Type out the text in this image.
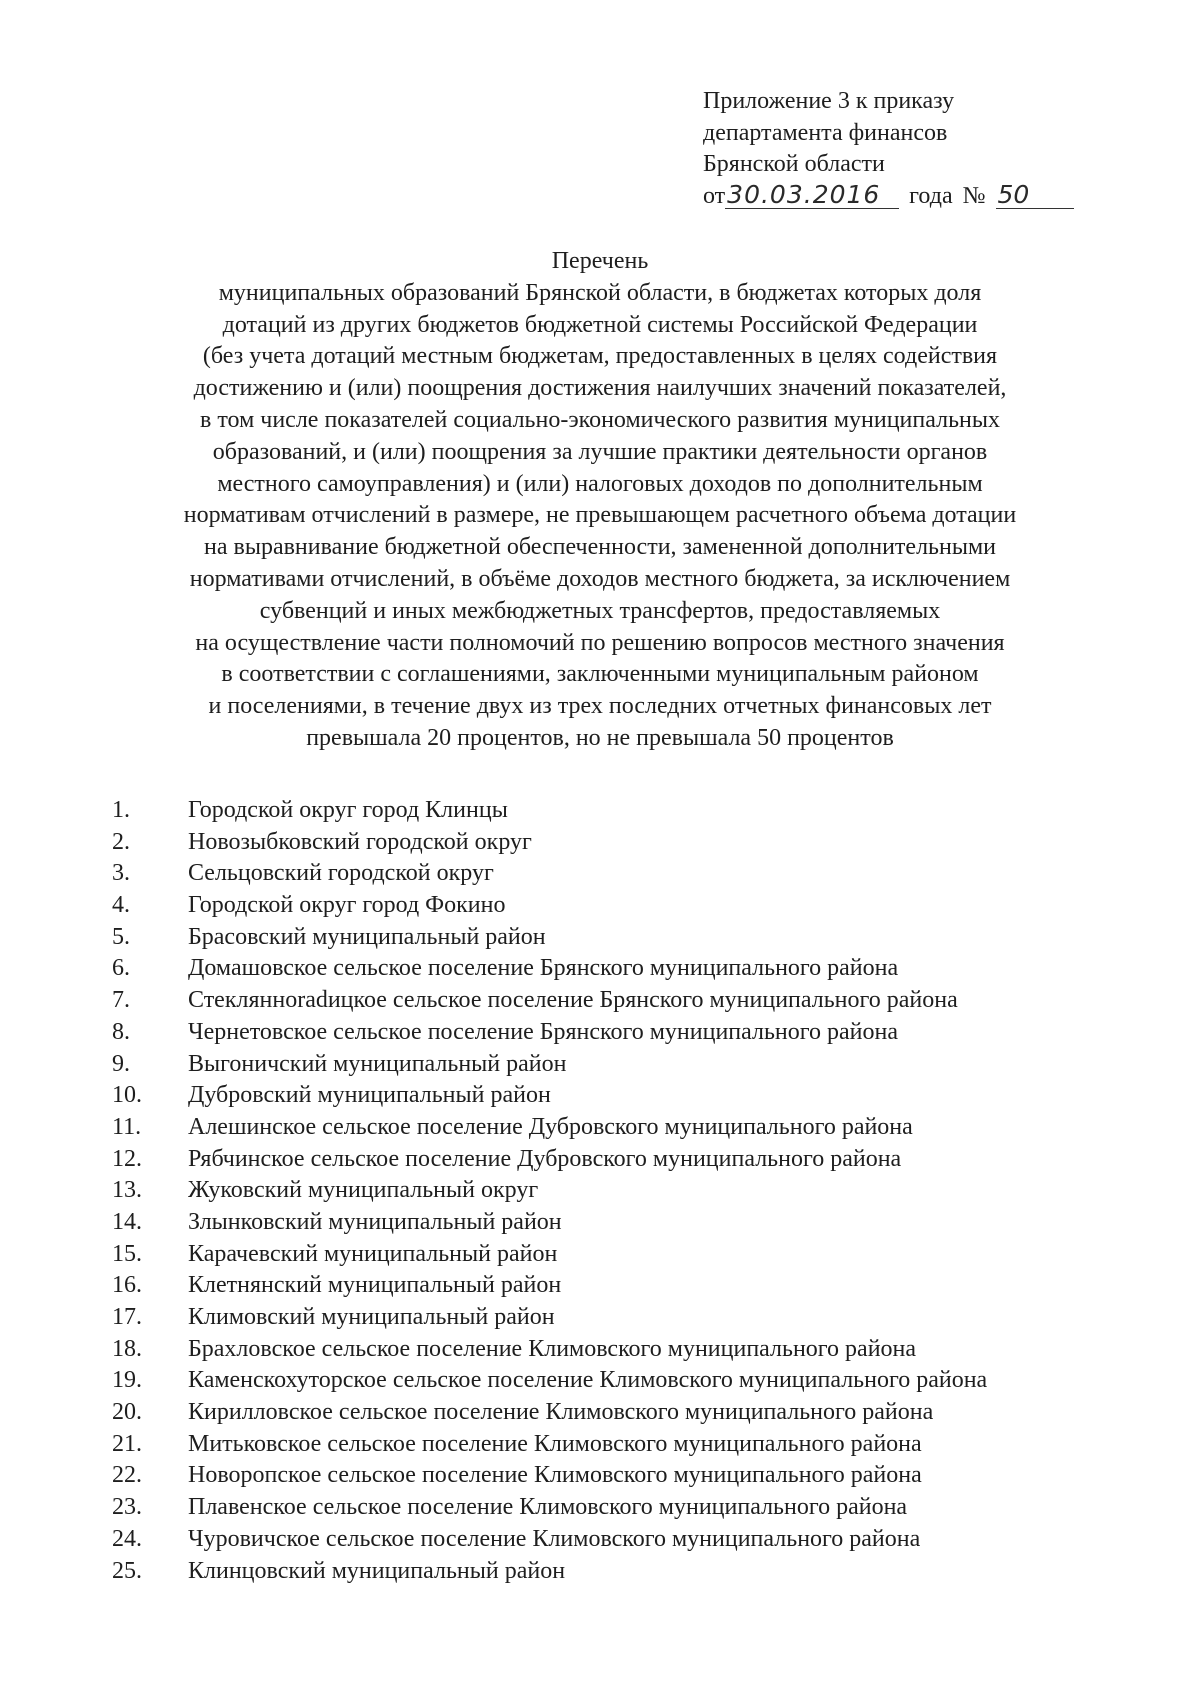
Приложение 3 к приказу
департамента финансов
Брянской области
от 30.03.2016	года № 50
Перечень
муниципальных образований Брянской области, в бюджетах которых доля
дотаций из других бюджетов бюджетной системы Российской Федерации
(без учета дотаций местным бюджетам, предоставленных в целях содействия
достижению и (или) поощрения достижения наилучших значений показателей,
в том числе показателей социально-экономического развития муниципальных
образований, и (или) поощрения за лучшие практики деятельности органов
местного самоуправления) и (или) налоговых доходов по дополнительным
нормативам отчислений в размере, не превышающем расчетного объема дотации
на выравнивание бюджетной обеспеченности, замененной дополнительными
нормативами отчислений, в объёме доходов местного бюджета, за исключением
субвенций и иных межбюджетных трансфертов, предоставляемых
на осуществление части полномочий по решению вопросов местного значения
в соответствии с соглашениями, заключенными муниципальным районом
и поселениями, в течение двух из трех последних отчетных финансовых лет
превышала 20 процентов, но не превышала 50 процентов
1.	Городской округ город Клинцы
2.	Новозыбковский городской округ
3.	Сельцовский городской округ
4.	Городской округ город Фокино
5.	Брасовский муниципальный район
6.	Домашовское сельское поселение Брянского муниципального района
7.	Стеклянноradицкое сельское поселение Брянского муниципального района
8.	Чернетовское сельское поселение Брянского муниципального района
9.	Выгоничский муниципальный район
10.	Дубровский муниципальный район
11.	Алешинское сельское поселение Дубровского муниципального района
12.	Рябчинское сельское поселение Дубровского муниципального района
13.	Жуковский муниципальный округ
14.	Злынковский муниципальный район
15.	Карачевский муниципальный район
16.	Клетнянский муниципальный район
17.	Климовский муниципальный район
18.	Брахловское сельское поселение Климовского муниципального района
19.	Каменскохуторское сельское поселение Климовского муниципального района
20.	Кирилловское сельское поселение Климовского муниципального района
21.	Митьковское сельское поселение Климовского муниципального района
22.	Новоропское сельское поселение Климовского муниципального района
23.	Плавенское сельское поселение Климовского муниципального района
24.	Чуровичское сельское поселение Климовского муниципального района
25.	Клинцовский муниципальный район
